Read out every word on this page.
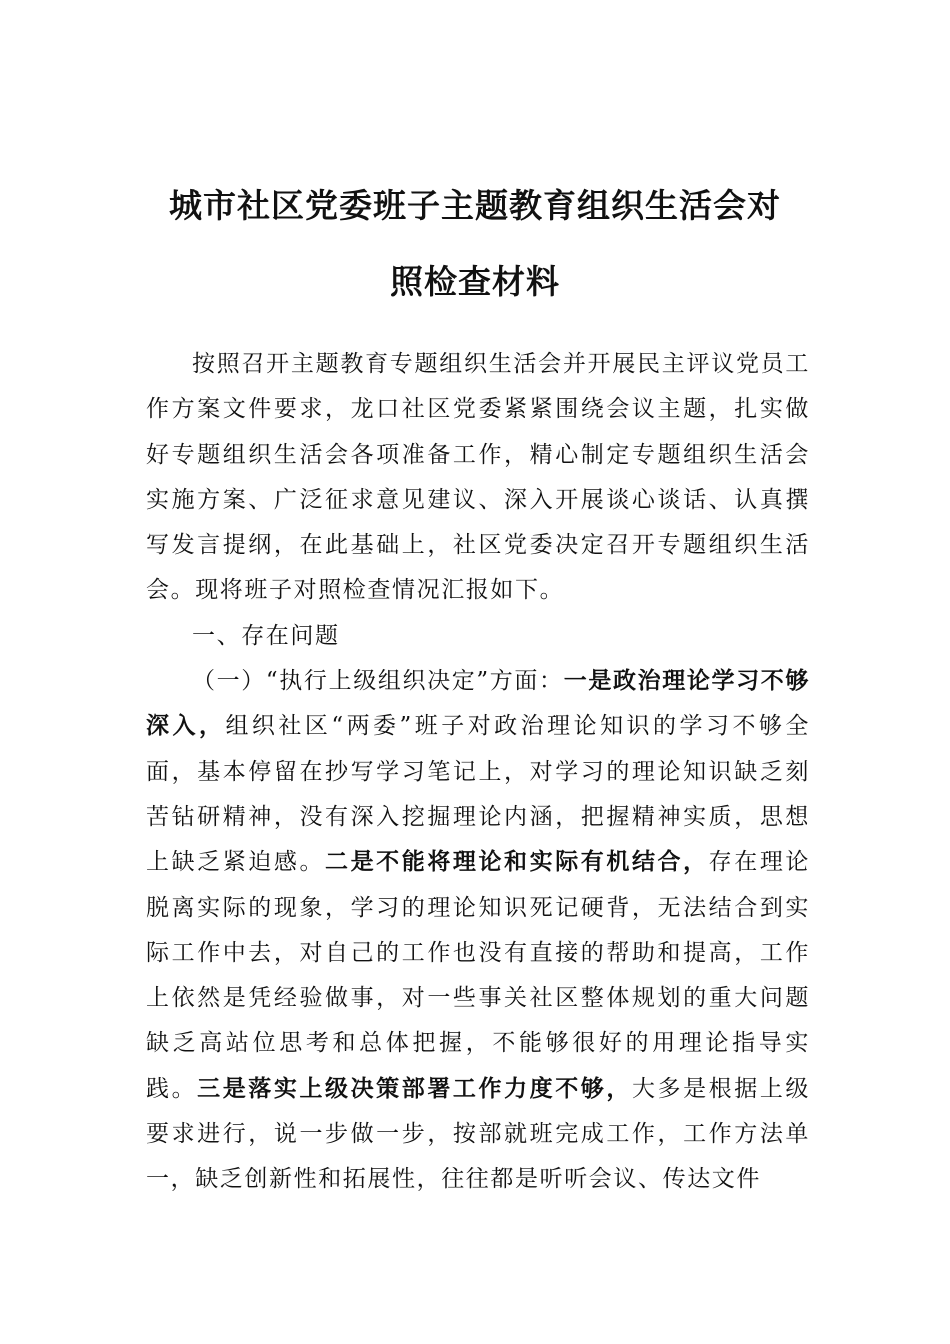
城市社区党委班子主题教育组织生活会对
照检查材料

按照召开主题教育专题组织生活会并开展民主评议党员工作方案文件要求，龙口社区党委紧紧围绕会议主题，扎实做好专题组织生活会各项准备工作，精心制定专题组织生活会实施方案、广泛征求意见建议、深入开展谈心谈话、认真撰写发言提纲，在此基础上，社区党委决定召开专题组织生活会。现将班子对照检查情况汇报如下。

一、存在问题

（一）“执行上级组织决定”方面：一是政治理论学习不够深入，组织社区“两委”班子对政治理论知识的学习不够全面，基本停留在抄写学习笔记上，对学习的理论知识缺乏刻苦钻研精神，没有深入挖掘理论内涵，把握精神实质，思想上缺乏紧迫感。二是不能将理论和实际有机结合，存在理论脱离实际的现象，学习的理论知识死记硬背，无法结合到实际工作中去，对自己的工作也没有直接的帮助和提高，工作上依然是凭经验做事，对一些事关社区整体规划的重大问题缺乏高站位思考和总体把握，不能够很好的用理论指导实践。三是落实上级决策部署工作力度不够，大多是根据上级要求进行，说一步做一步，按部就班完成工作，工作方法单一，缺乏创新性和拓展性，往往都是听听会议、传达文件
